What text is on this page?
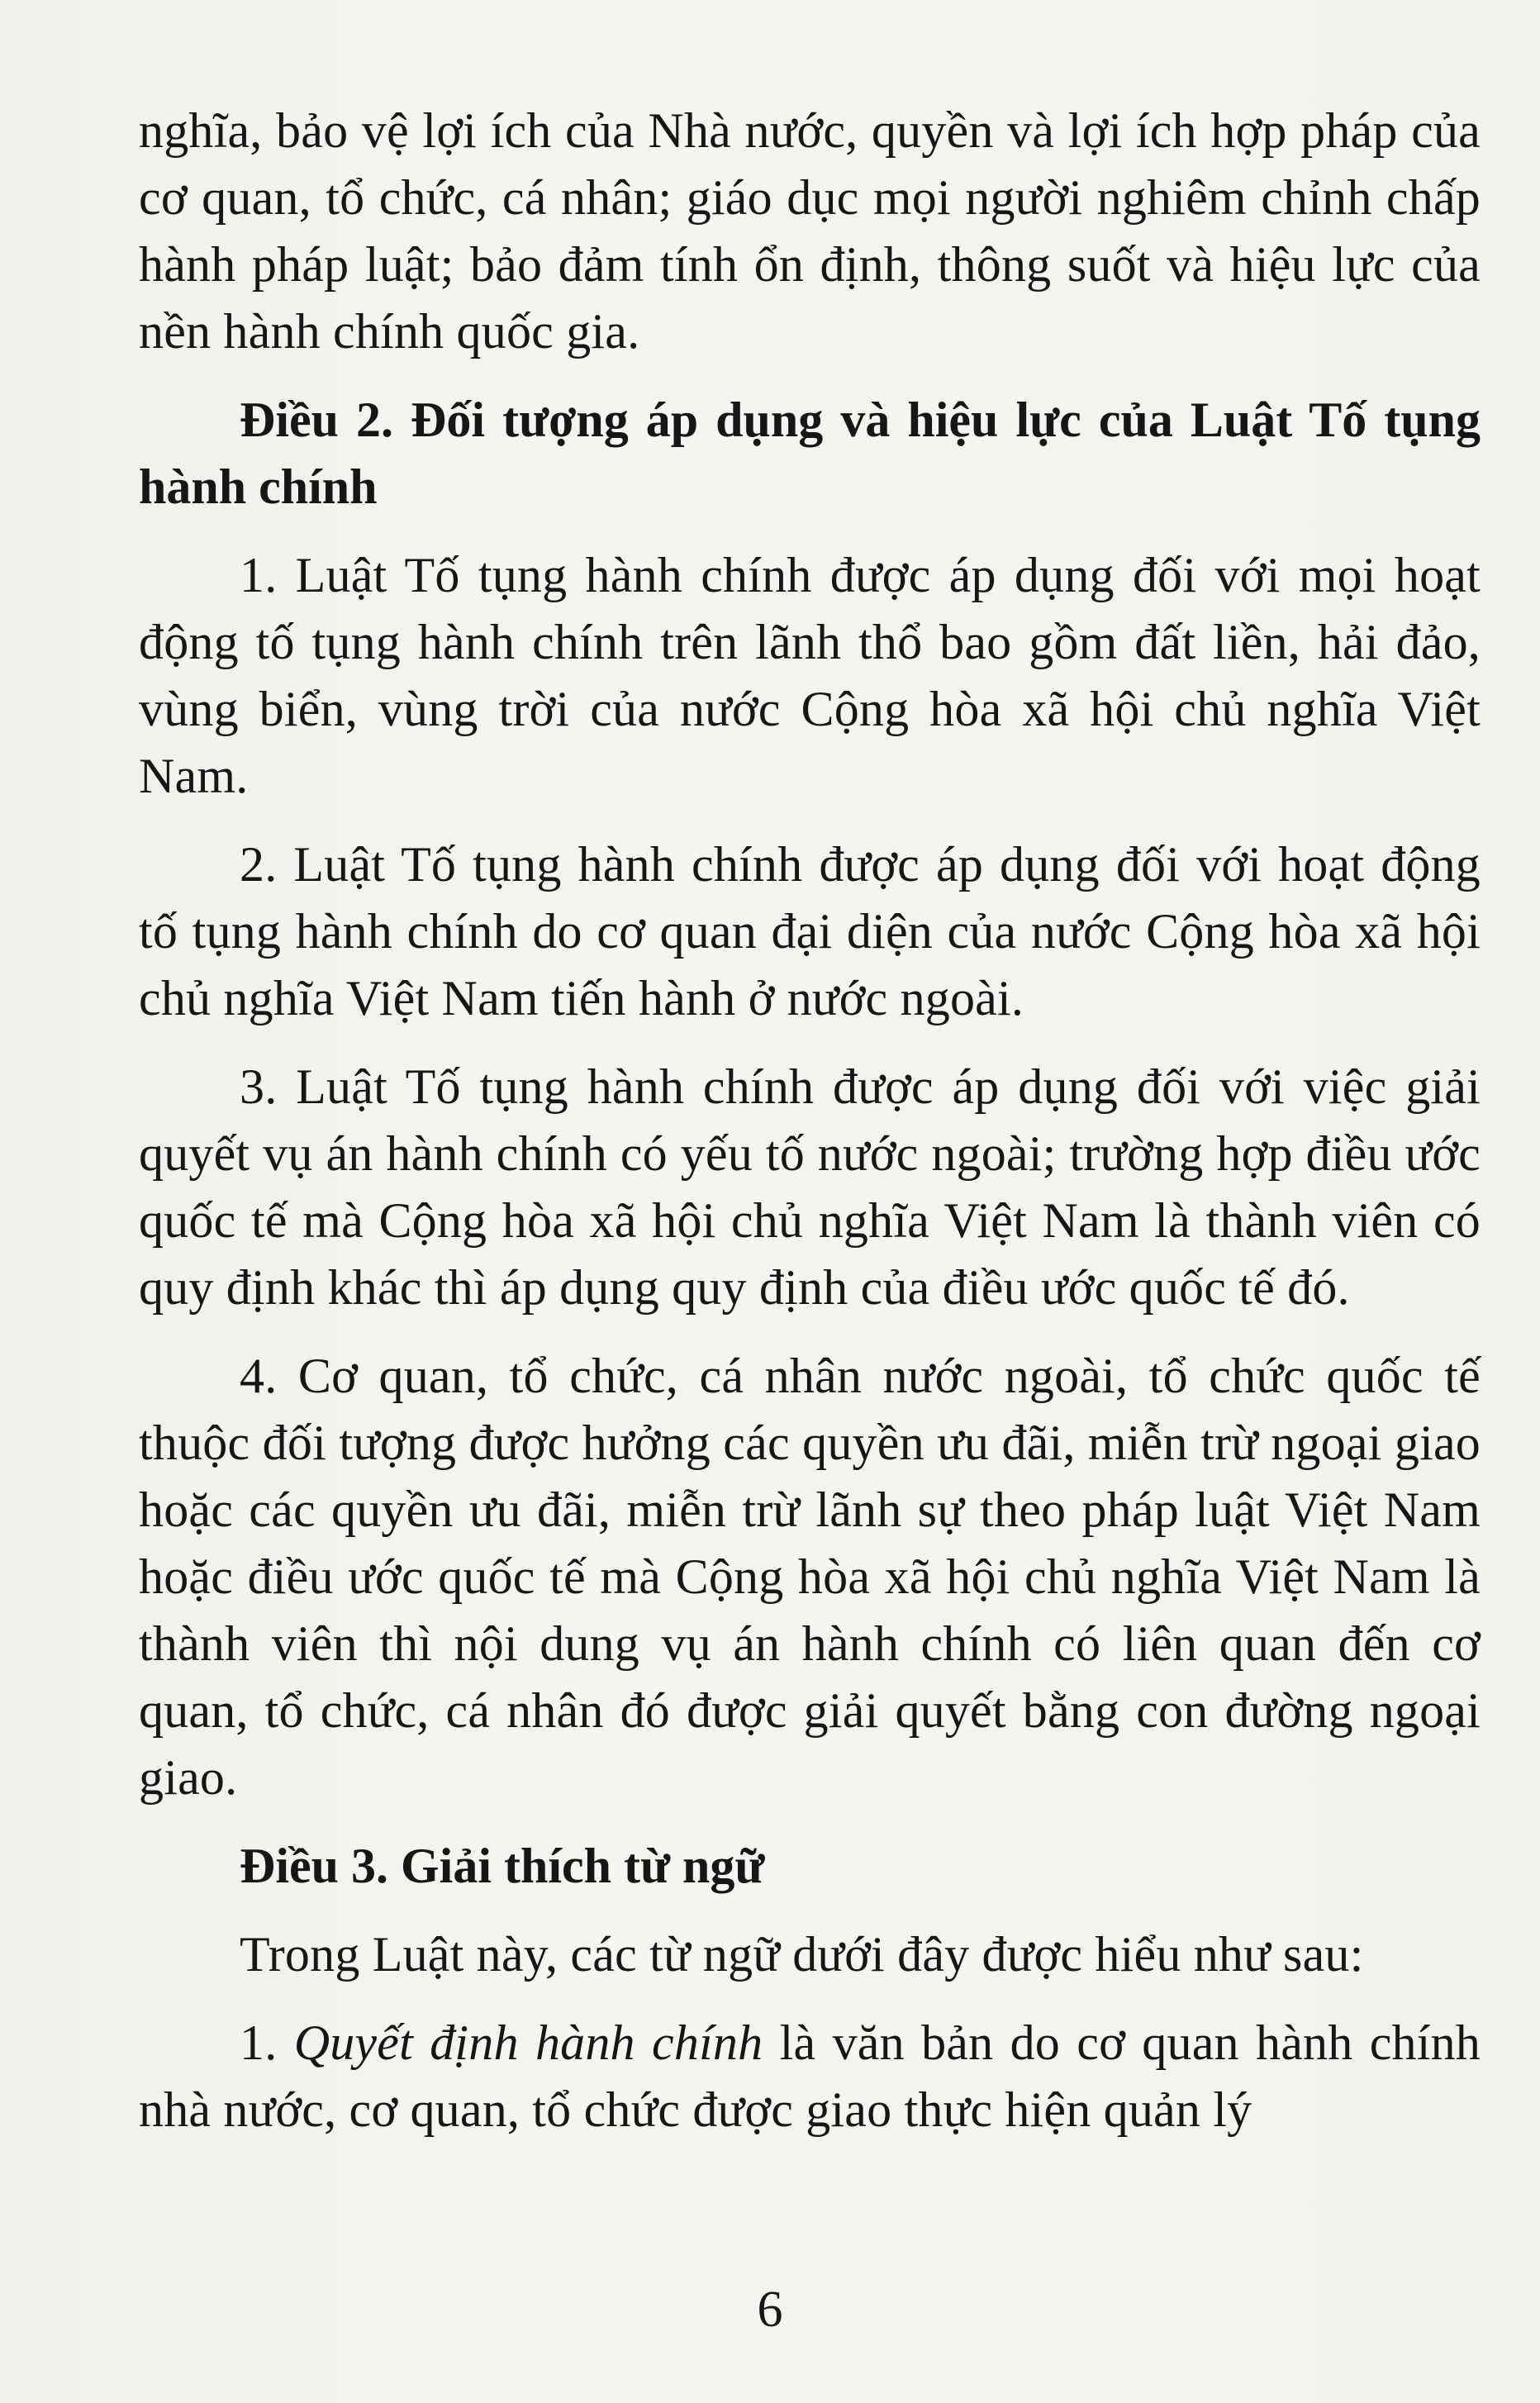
nghĩa, bảo vệ lợi ích của Nhà nước, quyền và lợi ích hợp pháp của cơ quan, tổ chức, cá nhân; giáo dục mọi người nghiêm chỉnh chấp hành pháp luật; bảo đảm tính ổn định, thông suốt và hiệu lực của nền hành chính quốc gia.

Điều 2. Đối tượng áp dụng và hiệu lực của Luật Tố tụng hành chính

1. Luật Tố tụng hành chính được áp dụng đối với mọi hoạt động tố tụng hành chính trên lãnh thổ bao gồm đất liền, hải đảo, vùng biển, vùng trời của nước Cộng hòa xã hội chủ nghĩa Việt Nam.

2. Luật Tố tụng hành chính được áp dụng đối với hoạt động tố tụng hành chính do cơ quan đại diện của nước Cộng hòa xã hội chủ nghĩa Việt Nam tiến hành ở nước ngoài.

3. Luật Tố tụng hành chính được áp dụng đối với việc giải quyết vụ án hành chính có yếu tố nước ngoài; trường hợp điều ước quốc tế mà Cộng hòa xã hội chủ nghĩa Việt Nam là thành viên có quy định khác thì áp dụng quy định của điều ước quốc tế đó.

4. Cơ quan, tổ chức, cá nhân nước ngoài, tổ chức quốc tế thuộc đối tượng được hưởng các quyền ưu đãi, miễn trừ ngoại giao hoặc các quyền ưu đãi, miễn trừ lãnh sự theo pháp luật Việt Nam hoặc điều ước quốc tế mà Cộng hòa xã hội chủ nghĩa Việt Nam là thành viên thì nội dung vụ án hành chính có liên quan đến cơ quan, tổ chức, cá nhân đó được giải quyết bằng con đường ngoại giao.

Điều 3. Giải thích từ ngữ

Trong Luật này, các từ ngữ dưới đây được hiểu như sau:

1. Quyết định hành chính là văn bản do cơ quan hành chính nhà nước, cơ quan, tổ chức được giao thực hiện quản lý

6
